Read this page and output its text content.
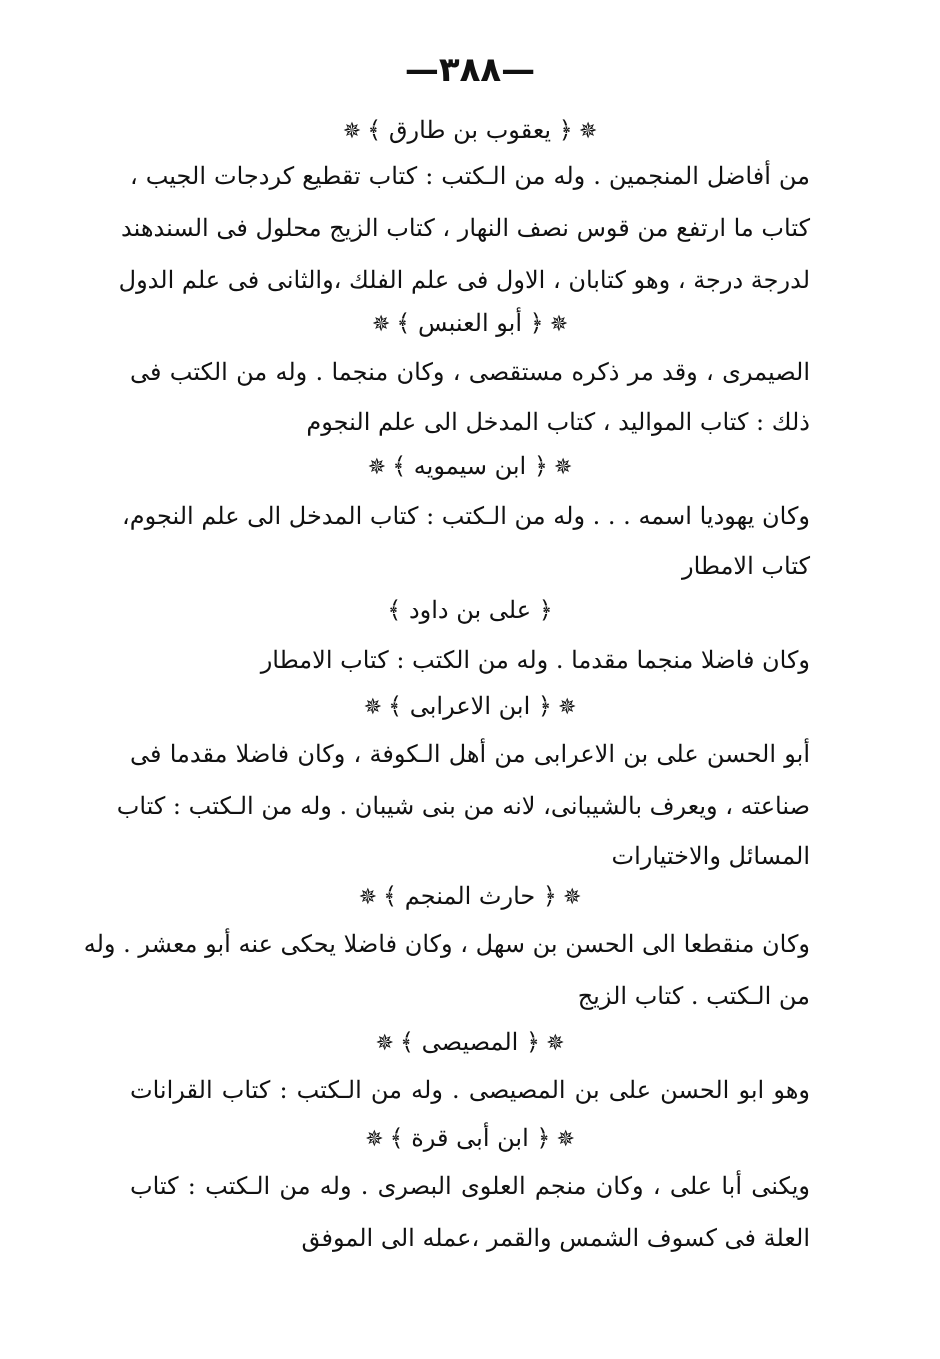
—٣٨٨—
✵﴿ يعقوب بن طارق ﴾✵
من أفاضل المنجمين . وله من الـكتب : كتاب تقطيع كردجات الجيب ،
كتاب ما ارتفع من قوس نصف النهار ، كتاب الزيج محلول فى السندهند
لدرجة درجة ، وهو كتابان ، الاول فى علم الفلك ،والثانى فى علم الدول
✵﴿ أبو العنبس ﴾✵
الصيمرى ، وقد مر ذكره مستقصى ، وكان منجما . وله من الكتب فى
ذلك : كتاب المواليد ، كتاب المدخل الى علم النجوم
✵﴿ ابن سيمويه ﴾✵
وكان يهوديا اسمه . . . وله من الـكتب : كتاب المدخل الى علم النجوم،
كتاب الامطار
﴿ على بن داود ﴾
وكان فاضلا منجما مقدما . وله من الكتب : كتاب الامطار
✵﴿ ابن الاعرابى ﴾✵
أبو الحسن على بن الاعرابى من أهل الـكوفة ، وكان فاضلا مقدما فى
صناعته ، ويعرف بالشيبانى، لانه من بنى شيبان . وله من الـكتب : كتاب
المسائل والاختيارات
✵﴿ حارث المنجم ﴾✵
وكان منقطعا الى الحسن بن سهل ، وكان فاضلا يحكى عنه أبو معشر . وله
من الـكتب . كتاب الزيج
✵﴿ المصيصى ﴾✵
وهو ابو الحسن على بن المصيصى . وله من الـكتب : كتاب القرانات
✵﴿ ابن أبى قرة ﴾✵
ويكنى أبا على ، وكان منجم العلوى البصرى . وله من الـكتب : كتاب
العلة فى كسوف الشمس والقمر ،عمله الى الموفق
